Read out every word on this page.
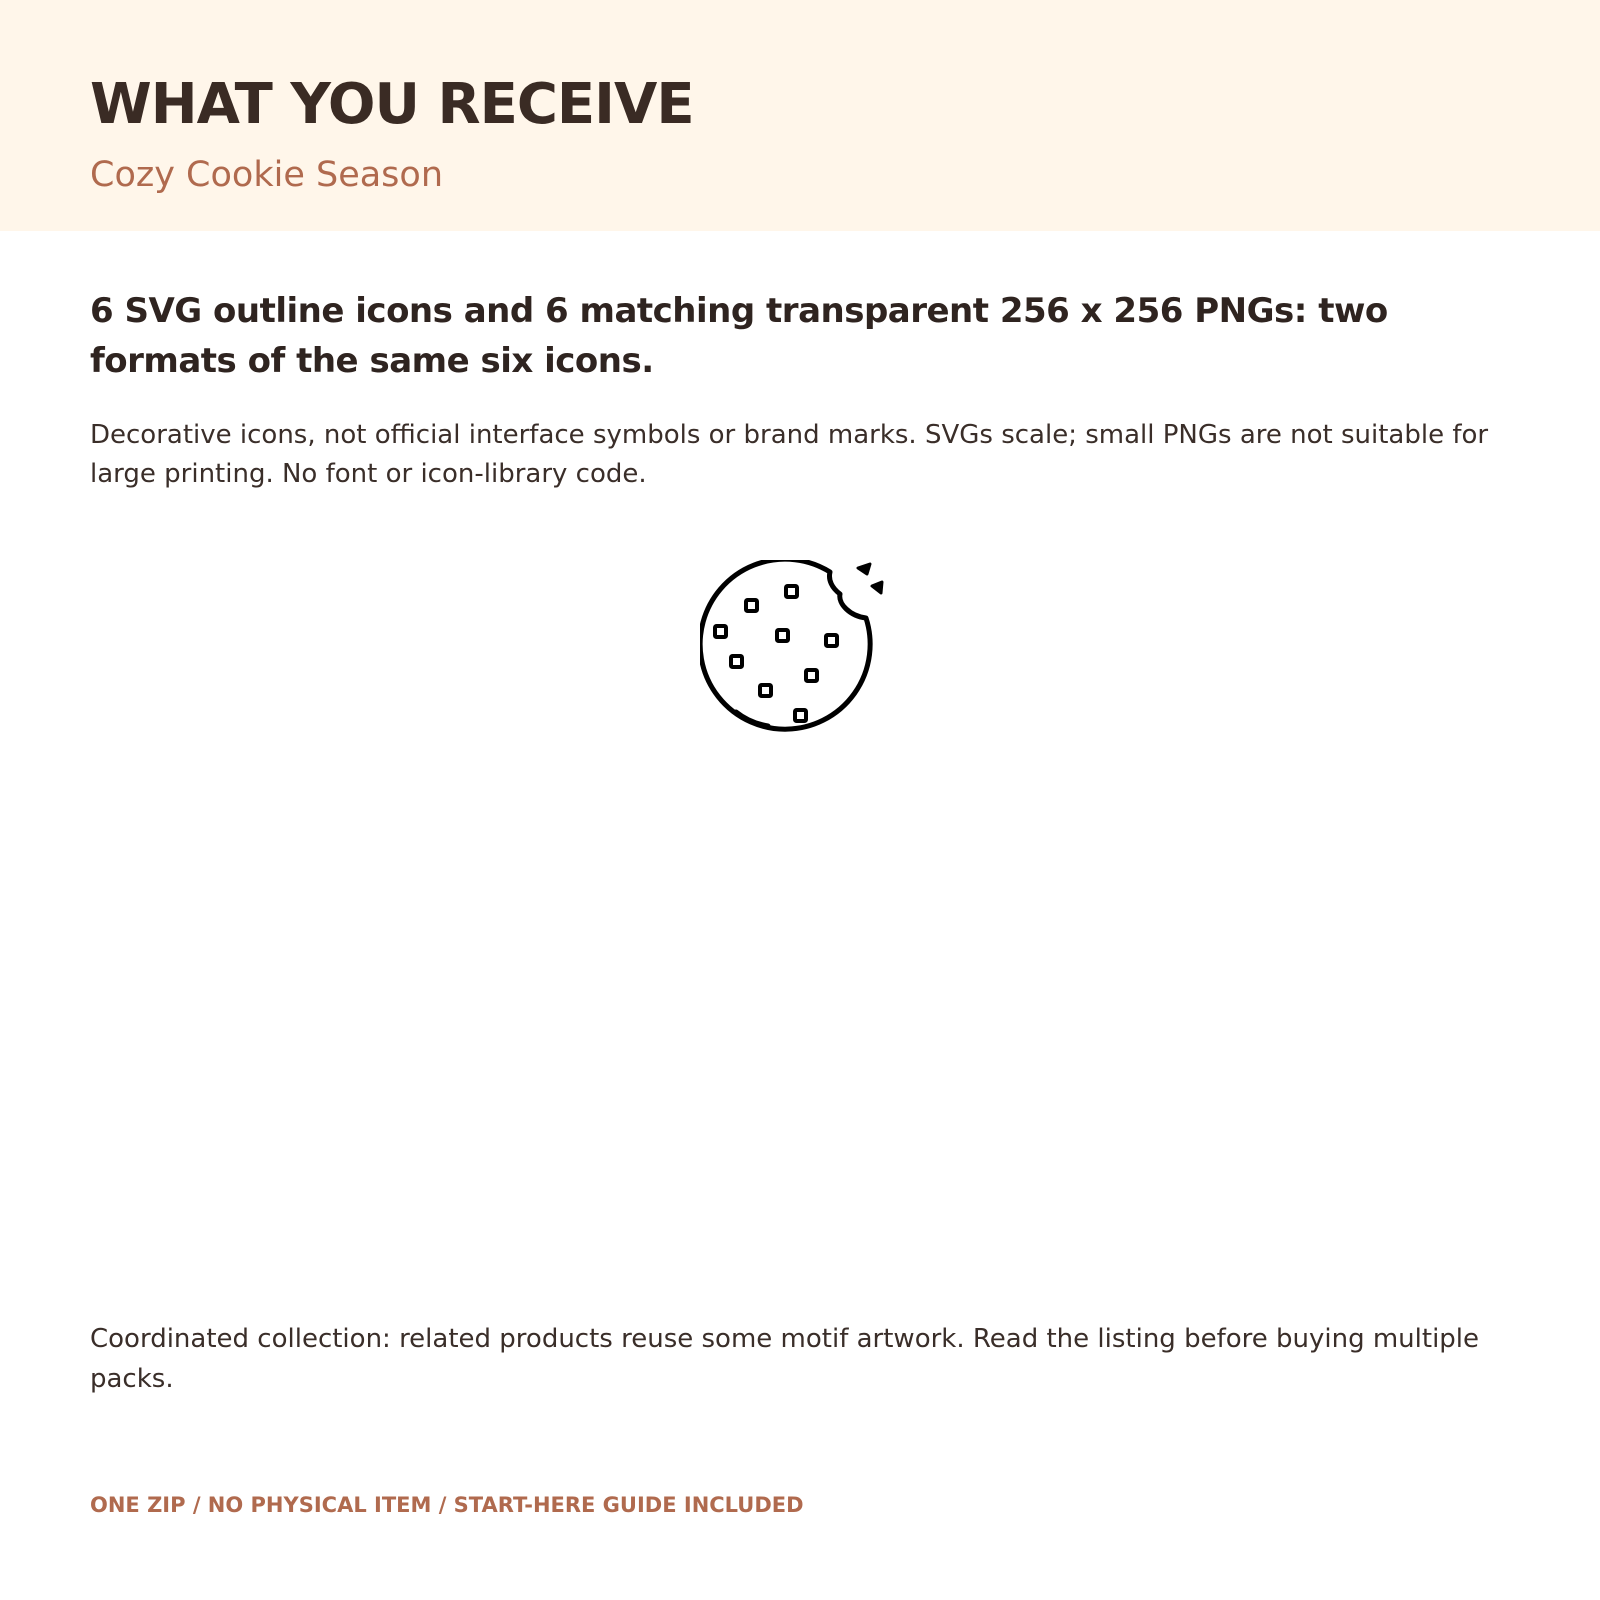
WHAT YOU RECEIVE

Cozy Cookie Season

6 SVG outline icons and 6 matching transparent 256 x 256 PNGs: two formats of the same six icons.

Decorative icons, not official interface symbols or brand marks. SVGs scale; small PNGs are not suitable for large printing. No font or icon-library code.

Coordinated collection: related products reuse some motif artwork. Read the listing before buying multiple packs.

ONE ZIP / NO PHYSICAL ITEM / START-HERE GUIDE INCLUDED
